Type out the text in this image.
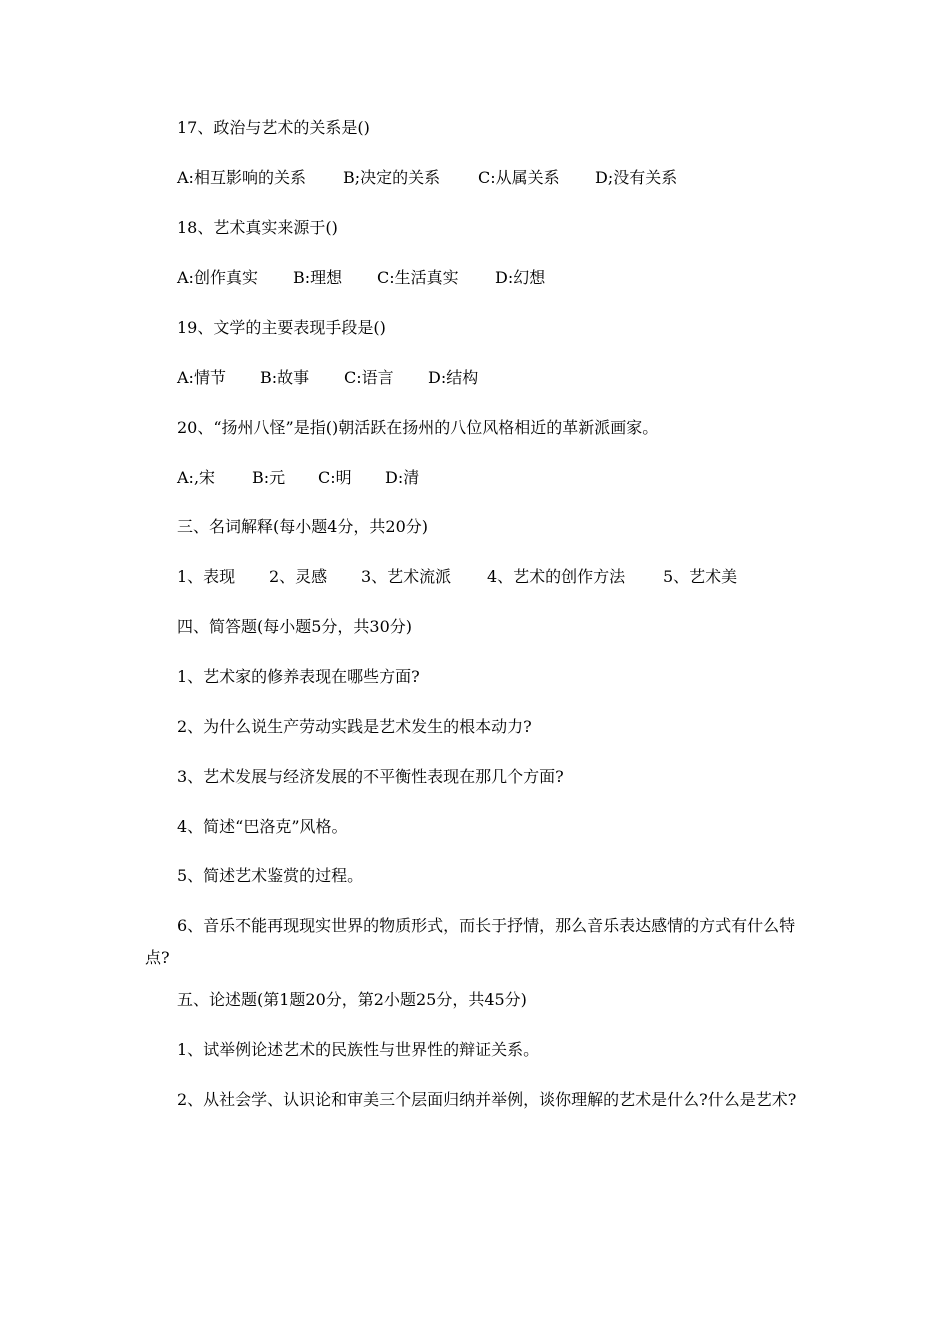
17、政治与艺术的关系是()
A:相互影响的关系 B;决定的关系 C:从属关系 D;没有关系
18、艺术真实来源于()
A:创作真实 B:理想 C:生活真实 D:幻想
19、文学的主要表现手段是()
A:情节 B:故事 C:语言 D:结构
20、“扬州八怪”是指()朝活跃在扬州的八位风格相近的革新派画家。
A:,宋 B:元 C:明 D:清
三、名词解释(每小题4分，共20分)
1、表现 2、灵感 3、艺术流派 4、艺术的创作方法 5、艺术美
四、简答题(每小题5分，共30分)
1、艺术家的修养表现在哪些方面?
2、为什么说生产劳动实践是艺术发生的根本动力?
3、艺术发展与经济发展的不平衡性表现在那几个方面?
4、简述“巴洛克”风格。
5、简述艺术鉴赏的过程。
6、音乐不能再现现实世界的物质形式，而长于抒情，那么音乐表达感情的方式有什么特点?
五、论述题(第1题20分，第2小题25分，共45分)
1、试举例论述艺术的民族性与世界性的辩证关系。
2、从社会学、认识论和审美三个层面归纳并举例，谈你理解的艺术是什么?什么是艺术?
